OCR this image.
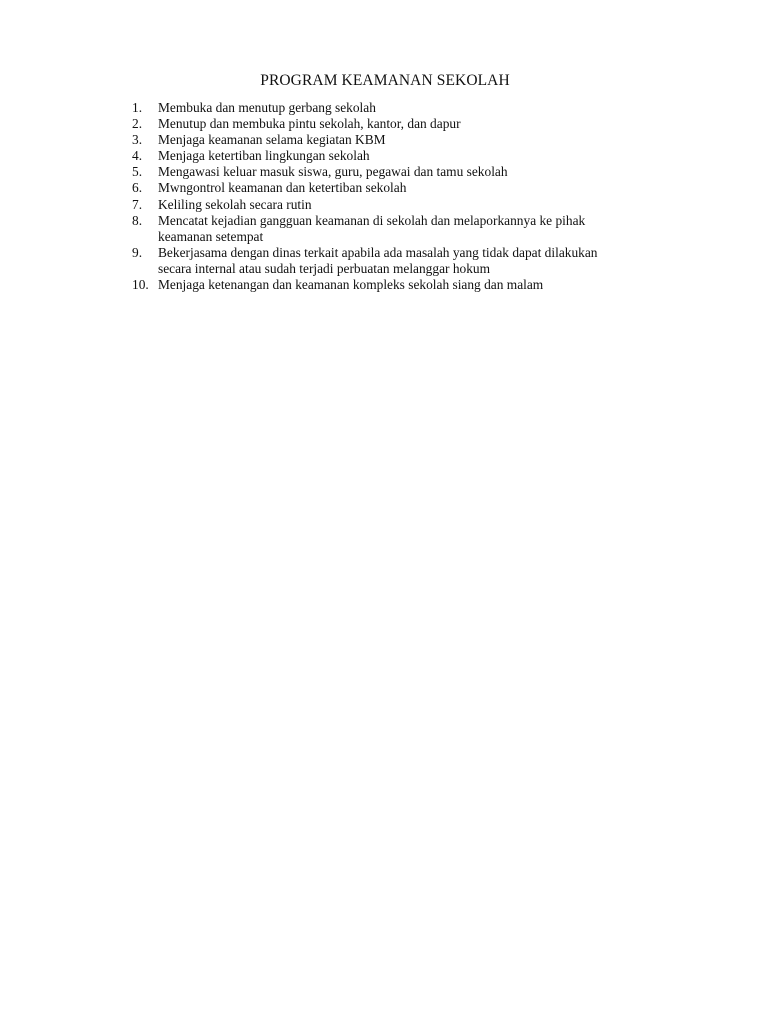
PROGRAM KEAMANAN SEKOLAH
1.	Membuka dan menutup gerbang sekolah
2.	Menutup dan membuka pintu sekolah, kantor, dan dapur
3.	Menjaga keamanan selama kegiatan KBM
4.	Menjaga ketertiban lingkungan sekolah
5.	Mengawasi keluar masuk siswa, guru, pegawai dan tamu sekolah
6.	Mwngontrol keamanan dan ketertiban sekolah
7.	Keliling sekolah secara rutin
8.	Mencatat kejadian gangguan keamanan di sekolah dan melaporkannya ke pihak
keamanan setempat
9.	Bekerjasama dengan dinas terkait apabila ada masalah yang tidak dapat dilakukan
secara internal atau sudah terjadi perbuatan melanggar hokum
10. Menjaga ketenangan dan keamanan kompleks sekolah siang dan malam
